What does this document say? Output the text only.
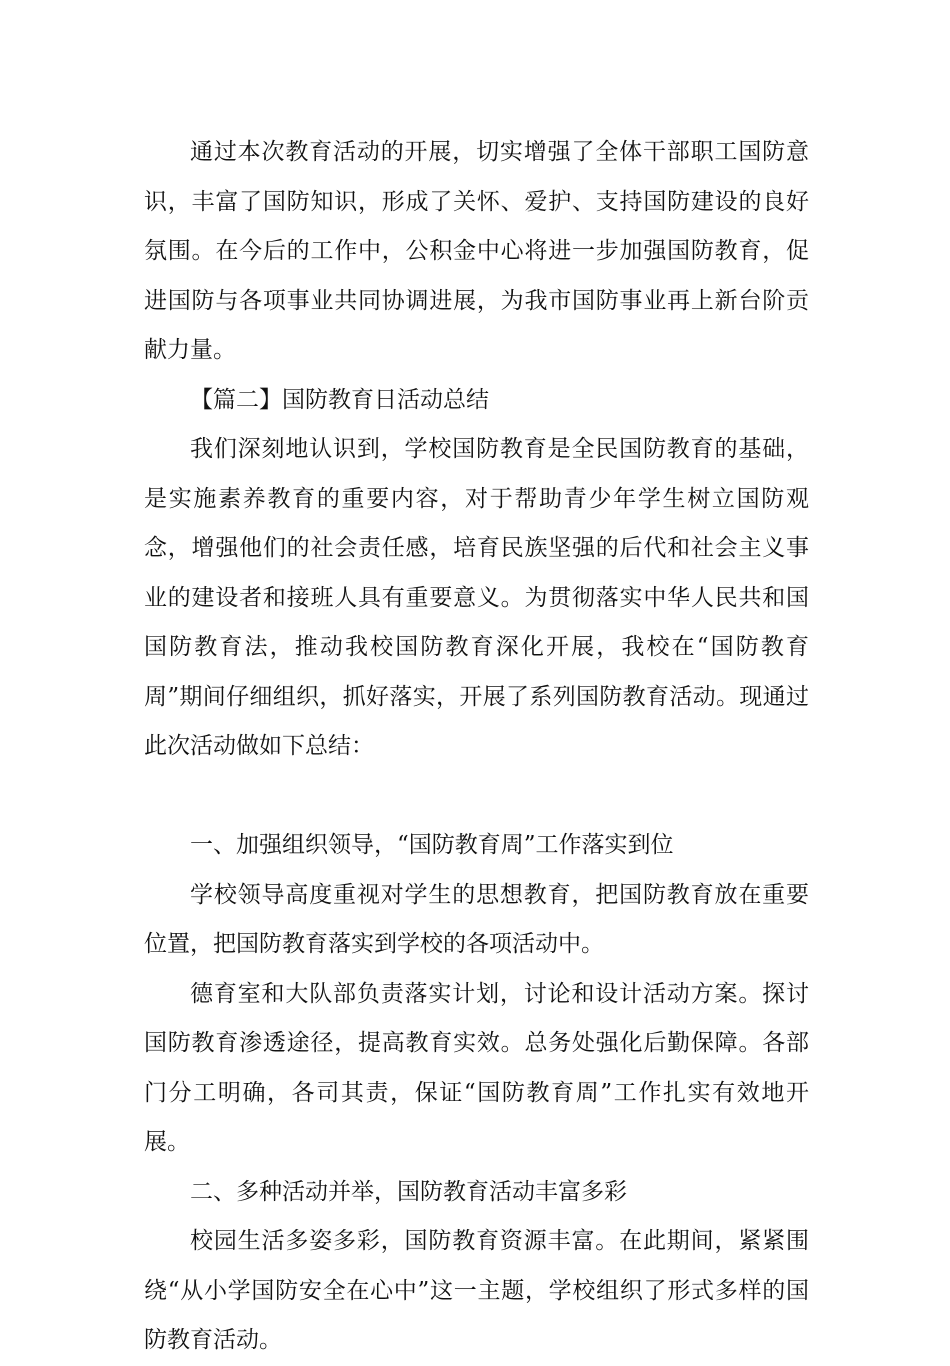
通过本次教育活动的开展，切实增强了全体干部职工国防意识，丰富了国防知识，形成了关怀、爱护、支持国防建设的良好氛围。在今后的工作中，公积金中心将进一步加强国防教育，促进国防与各项事业共同协调进展，为我市国防事业再上新台阶贡献力量。

【篇二】国防教育日活动总结

我们深刻地认识到，学校国防教育是全民国防教育的基础，是实施素养教育的重要内容，对于帮助青少年学生树立国防观念，增强他们的社会责任感，培育民族坚强的后代和社会主义事业的建设者和接班人具有重要意义。为贯彻落实中华人民共和国国防教育法，推动我校国防教育深化开展，我校在“国防教育周”期间仔细组织，抓好落实，开展了系列国防教育活动。现通过此次活动做如下总结：

一、加强组织领导，“国防教育周”工作落实到位

学校领导高度重视对学生的思想教育，把国防教育放在重要位置，把国防教育落实到学校的各项活动中。

德育室和大队部负责落实计划，讨论和设计活动方案。探讨国防教育渗透途径，提高教育实效。总务处强化后勤保障。各部门分工明确，各司其责，保证“国防教育周”工作扎实有效地开展。

二、多种活动并举，国防教育活动丰富多彩

校园生活多姿多彩，国防教育资源丰富。在此期间，紧紧围绕“从小学国防安全在心中”这一主题，学校组织了形式多样的国防教育活动。
